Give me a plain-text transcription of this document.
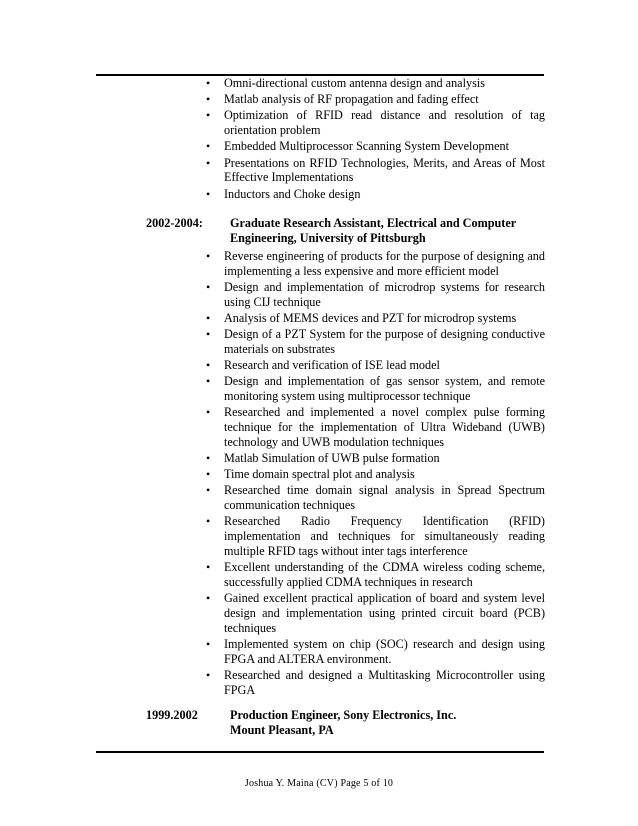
• Omni-directional custom antenna design and analysis
• Matlab analysis of RF propagation and fading effect
• Optimization of RFID read distance and resolution of tag orientation problem
• Embedded Multiprocessor Scanning System Development
• Presentations on RFID Technologies, Merits, and Areas of Most Effective Implementations
• Inductors and Choke design
2002-2004: Graduate Research Assistant, Electrical and Computer
Engineering, University of Pittsburgh
• Reverse engineering of products for the purpose of designing and implementing a less expensive and more efficient model
• Design and implementation of microdrop systems for research using CIJ technique
• Analysis of MEMS devices and PZT for microdrop systems
• Design of a PZT System for the purpose of designing conductive materials on substrates
• Research and verification of ISE lead model
• Design and implementation of gas sensor system, and remote monitoring system using multiprocessor technique
• Researched and implemented a novel complex pulse forming technique for the implementation of Ultra Wideband (UWB) technology and UWB modulation techniques
• Matlab Simulation of UWB pulse formation
• Time domain spectral plot and analysis
• Researched time domain signal analysis in Spread Spectrum communication techniques
• Researched Radio Frequency Identification (RFID) implementation and techniques for simultaneously reading multiple RFID tags without inter tags interference
• Excellent understanding of the CDMA wireless coding scheme, successfully applied CDMA techniques in research
• Gained excellent practical application of board and system level design and implementation using printed circuit board (PCB) techniques
• Implemented system on chip (SOC) research and design using FPGA and ALTERA environment.
• Researched and designed a Multitasking Microcontroller using FPGA
1999.2002	Production Engineer, Sony Electronics, Inc.
Mount Pleasant, PA
Joshua Y. Maina (CV) Page 5 of 10
